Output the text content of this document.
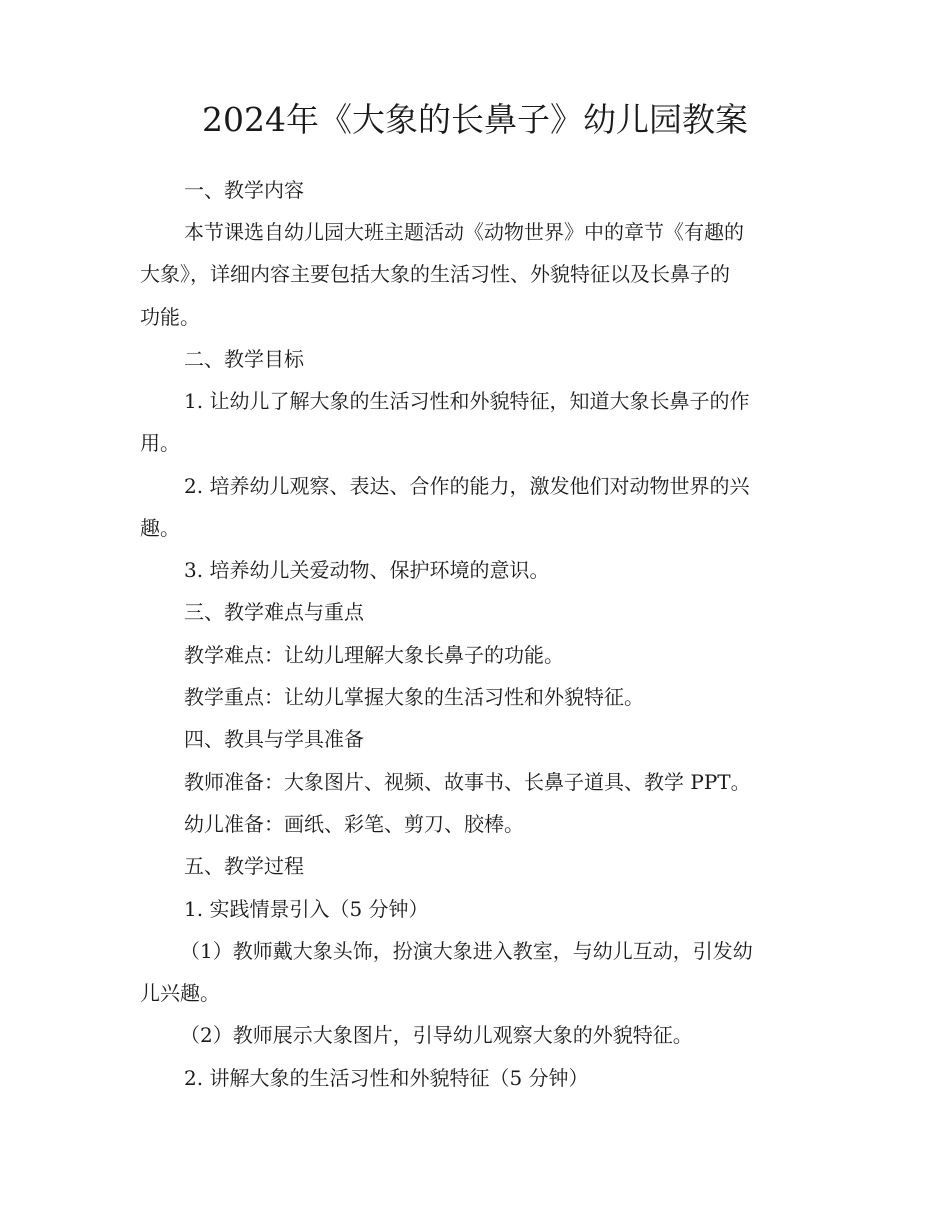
2024年《大象的长鼻子》幼儿园教案
一、教学内容
本节课选自幼儿园大班主题活动《动物世界》中的章节《有趣的
大象》，详细内容主要包括大象的生活习性、外貌特征以及长鼻子的
功能。
二、教学目标
1. 让幼儿了解大象的生活习性和外貌特征，知道大象长鼻子的作
用。
2. 培养幼儿观察、表达、合作的能力，激发他们对动物世界的兴
趣。
3. 培养幼儿关爱动物、保护环境的意识。
三、教学难点与重点
教学难点：让幼儿理解大象长鼻子的功能。
教学重点：让幼儿掌握大象的生活习性和外貌特征。
四、教具与学具准备
教师准备：大象图片、视频、故事书、长鼻子道具、教学 PPT。
幼儿准备：画纸、彩笔、剪刀、胶棒。
五、教学过程
1. 实践情景引入（5 分钟）
（1）教师戴大象头饰，扮演大象进入教室，与幼儿互动，引发幼
儿兴趣。
（2）教师展示大象图片，引导幼儿观察大象的外貌特征。
2. 讲解大象的生活习性和外貌特征（5 分钟）
